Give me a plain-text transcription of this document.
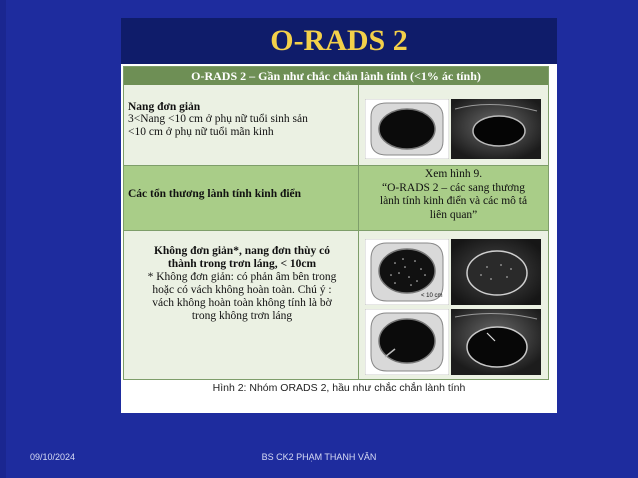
O-RADS 2
O-RADS 2 – Gần như chắc chắn lành tính (<1% ác tính)
Nang đơn giản
3<Nang <10 cm ở phụ nữ tuổi sinh sản
<10 cm ở phụ nữ tuổi mãn kinh
Các tổn thương lành tính kinh điển
Xem hình 9.
“O-RADS 2 – các sang thương
lành tính kinh điển và các mô tả
liên quan”
Không đơn giản*, nang đơn thùy có
thành trong trơn láng, < 10cm
* Không đơn giản: có phản âm bên trong
hoặc có vách không hoàn toàn. Chú ý :
vách không hoàn toàn không tính là bờ
trong không trơn láng
< 10 cm
Hình 2: Nhóm ORADS 2, hầu như chắc chắn lành tính
09/10/2024	BS CK2 PHẠM THANH VÂN
